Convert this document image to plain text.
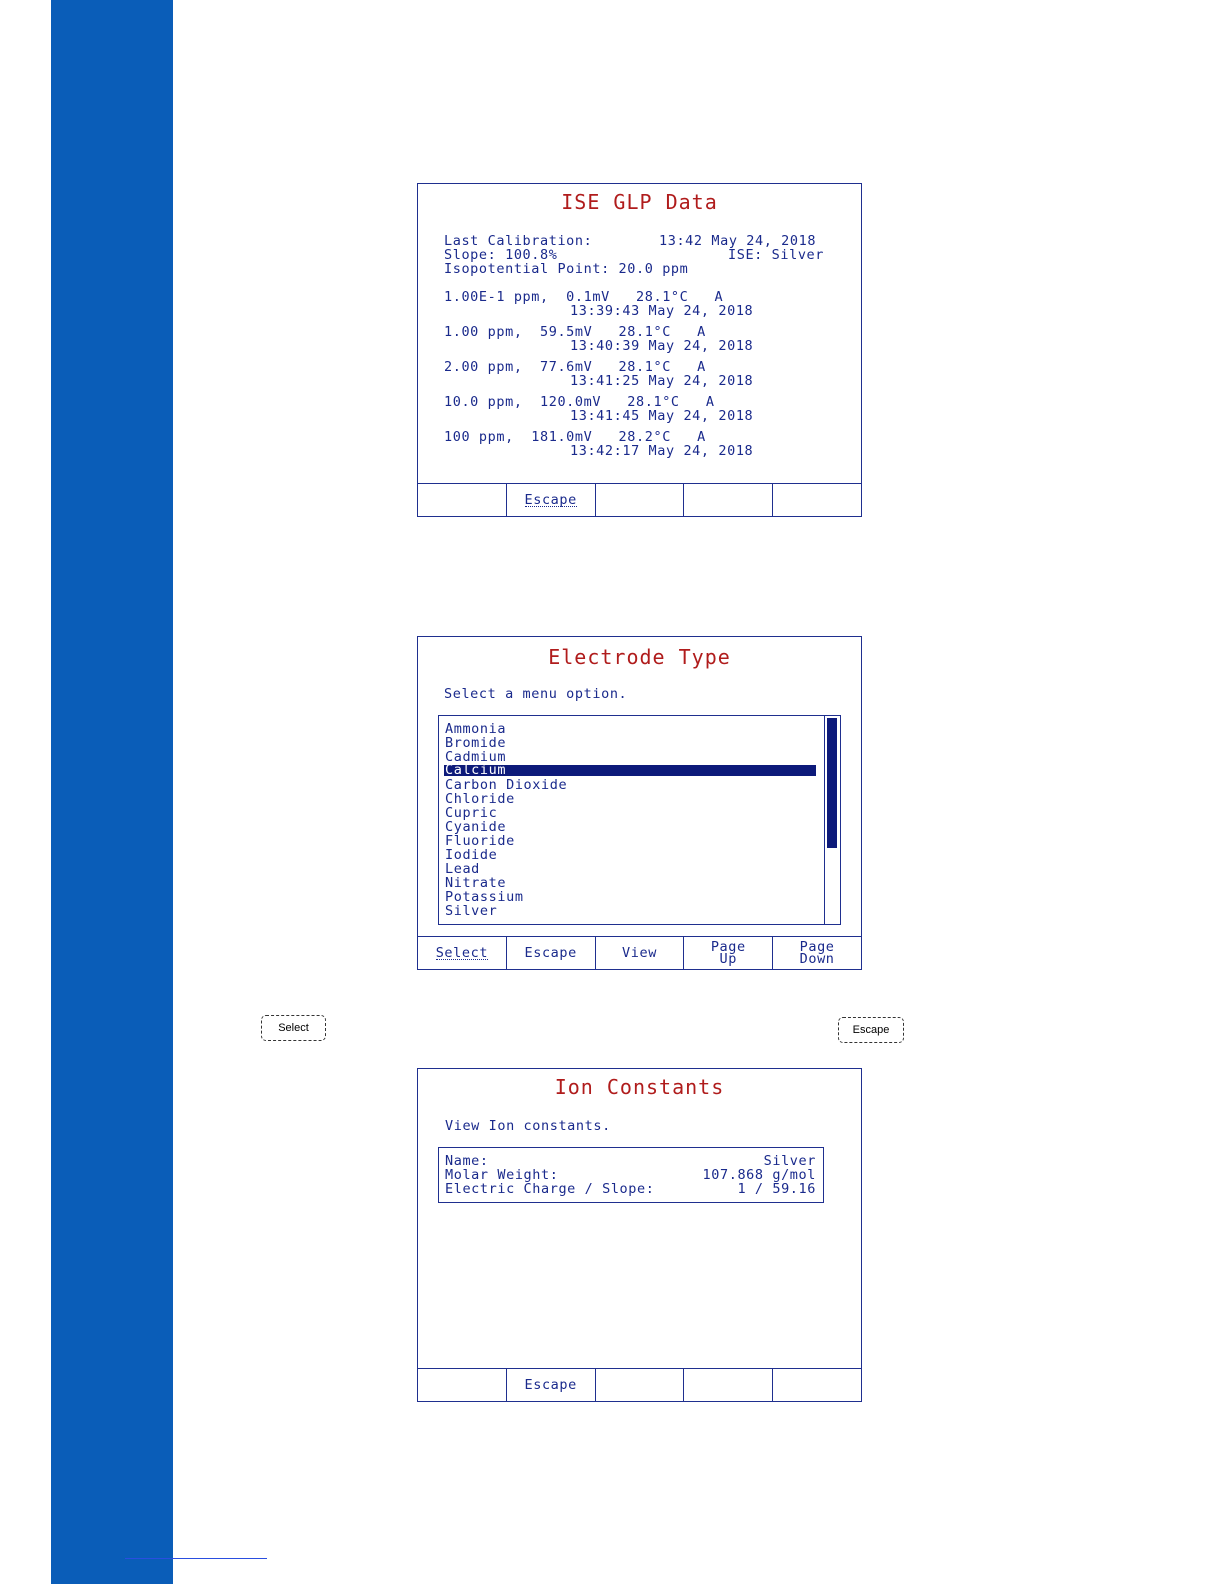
ISE GLP Data

Last Calibration:

	13:42 May 24, 2018

Slope: 100.8%

	ISE: Silver

Isopotential Point: 20.0 ppm

1.00E-1 ppm,  0.1mV   28.1°C   A

13:39:43 May 24, 2018

1.00 ppm,  59.5mV   28.1°C   A

13:40:39 May 24, 2018

2.00 ppm,  77.6mV   28.1°C   A

13:41:25 May 24, 2018

10.0 ppm,  120.0mV   28.1°C   A

13:41:45 May 24, 2018

100 ppm,  181.0mV   28.2°C   A

13:42:17 May 24, 2018

Escape
Electrode Type
Select a menu option.
Ammonia
Bromide
Cadmium
Calcium
Carbon Dioxide
Chloride
Cupric
Cyanide
Fluoride
Iodide
Lead
Nitrate
Potassium
Silver
Select	Escape	View	Page
Up
Page
Down
Select	Escape
Ion Constants
View Ion constants.

Name:

	Silver

Molar Weight:

	107.868 g/mol

Electric Charge / Slope:

	1 / 59.16

Escape
